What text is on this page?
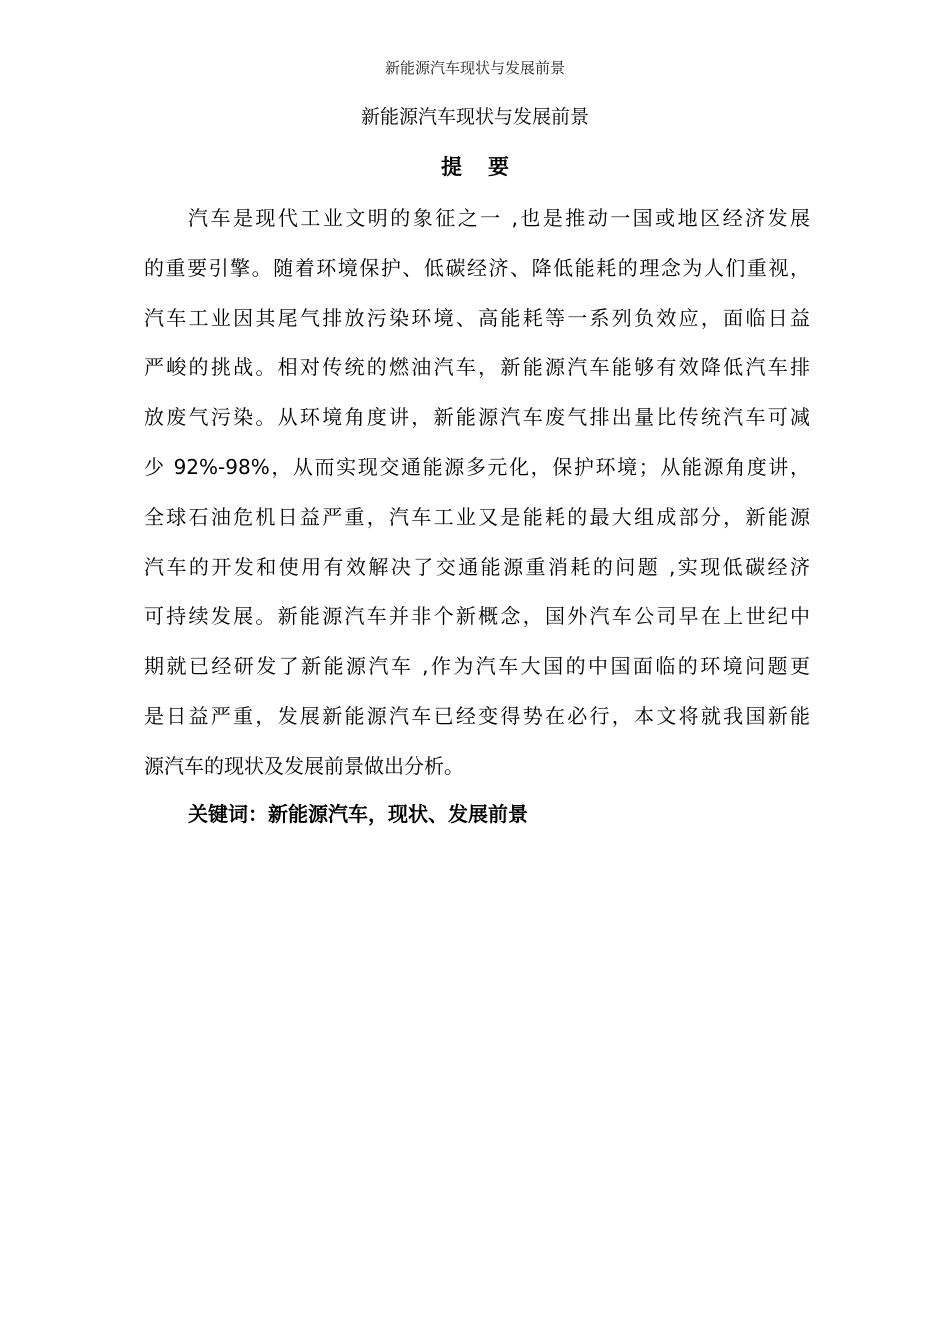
新能源汽车现状与发展前景
新能源汽车现状与发展前景
提要
汽车是现代工业文明的象征之一 ,也是推动一国或地区经济发展
的重要引擎。随着环境保护、低碳经济、降低能耗的理念为人们重视，
汽车工业因其尾气排放污染环境、高能耗等一系列负效应，面临日益
严峻的挑战。相对传统的燃油汽车，新能源汽车能够有效降低汽车排
放废气污染。从环境角度讲，新能源汽车废气排出量比传统汽车可减
少 92%-98%，从而实现交通能源多元化，保护环境；从能源角度讲，
全球石油危机日益严重，汽车工业又是能耗的最大组成部分，新能源
汽车的开发和使用有效解决了交通能源重消耗的问题 ,实现低碳经济
可持续发展。新能源汽车并非个新概念，国外汽车公司早在上世纪中
期就已经研发了新能源汽车 ,作为汽车大国的中国面临的环境问题更
是日益严重，发展新能源汽车已经变得势在必行，本文将就我国新能
源汽车的现状及发展前景做出分析。
关键词：新能源汽车，现状、发展前景
